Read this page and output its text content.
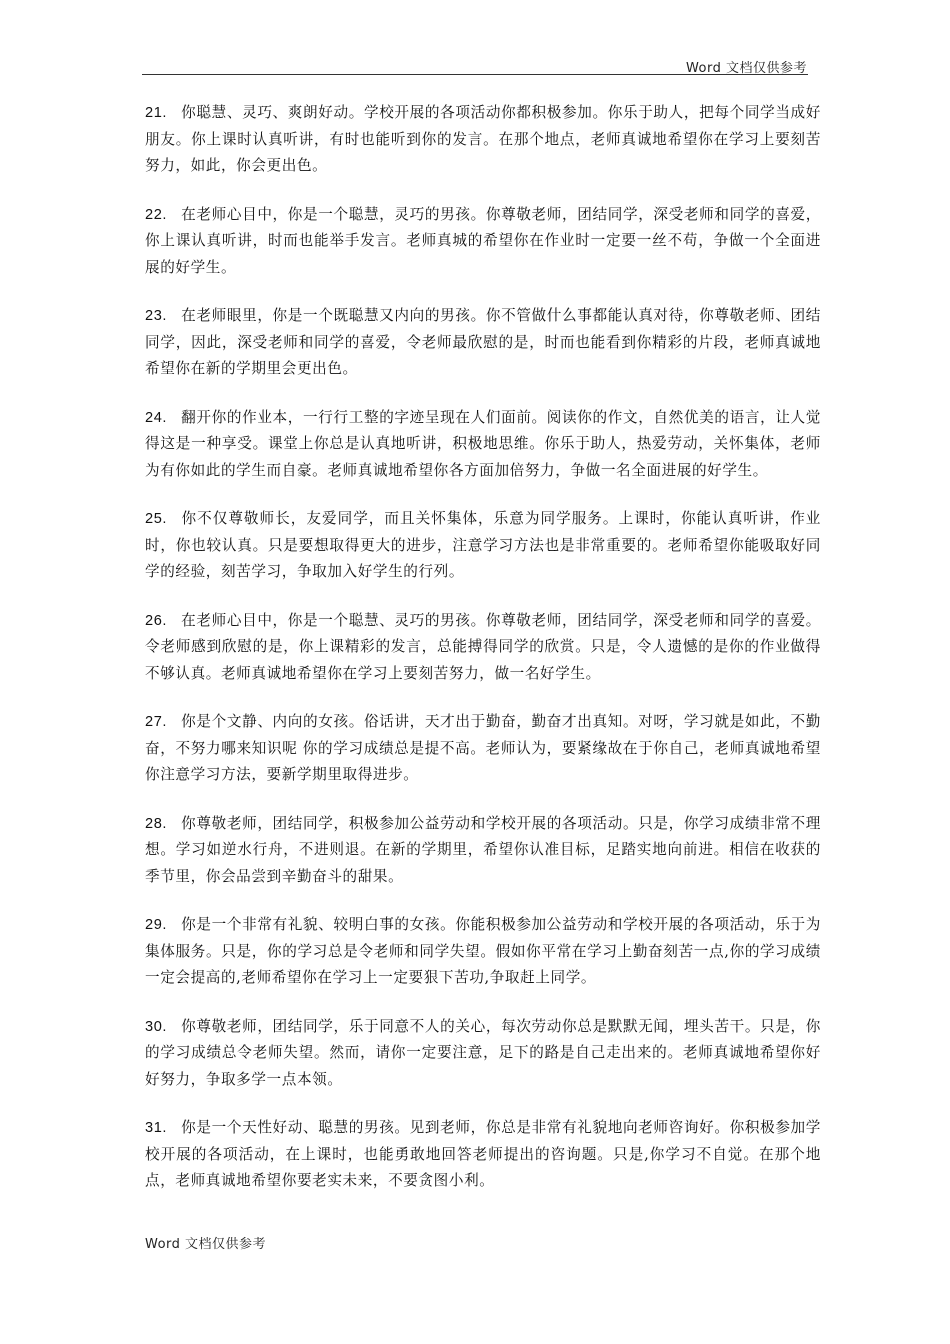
Word 文档仅供参考

21. 你聪慧、灵巧、爽朗好动。学校开展的各项活动你都积极参加。你乐于助人，把每个同学当成好朋友。你上课时认真听讲，有时也能听到你的发言。在那个地点，老师真诚地希望你在学习上要刻苦努力，如此，你会更出色。

22. 在老师心目中，你是一个聪慧，灵巧的男孩。你尊敬老师，团结同学，深受老师和同学的喜爱，你上课认真听讲，时而也能举手发言。老师真城的希望你在作业时一定要一丝不苟，争做一个全面进展的好学生。

23. 在老师眼里，你是一个既聪慧又内向的男孩。你不管做什么事都能认真对待，你尊敬老师、团结同学，因此，深受老师和同学的喜爱，令老师最欣慰的是，时而也能看到你精彩的片段，老师真诚地希望你在新的学期里会更出色。

24. 翻开你的作业本，一行行工整的字迹呈现在人们面前。阅读你的作文，自然优美的语言，让人觉得这是一种享受。课堂上你总是认真地听讲，积极地思维。你乐于助人，热爱劳动，关怀集体，老师为有你如此的学生而自豪。老师真诚地希望你各方面加倍努力，争做一名全面进展的好学生。

25. 你不仅尊敬师长，友爱同学，而且关怀集体，乐意为同学服务。上课时，你能认真听讲，作业时，你也较认真。只是要想取得更大的进步，注意学习方法也是非常重要的。老师希望你能吸取好同学的经验，刻苦学习，争取加入好学生的行列。

26. 在老师心目中，你是一个聪慧、灵巧的男孩。你尊敬老师，团结同学，深受老师和同学的喜爱。令老师感到欣慰的是，你上课精彩的发言，总能搏得同学的欣赏。只是，令人遗憾的是你的作业做得不够认真。老师真诚地希望你在学习上要刻苦努力，做一名好学生。

27. 你是个文静、内向的女孩。俗话讲，天才出于勤奋，勤奋才出真知。对呀，学习就是如此，不勤奋，不努力哪来知识呢 你的学习成绩总是提不高。老师认为，要紧缘故在于你自己，老师真诚地希望你注意学习方法，要新学期里取得进步。

28. 你尊敬老师，团结同学，积极参加公益劳动和学校开展的各项活动。只是，你学习成绩非常不理想。学习如逆水行舟，不进则退。在新的学期里，希望你认准目标，足踏实地向前进。相信在收获的季节里，你会品尝到辛勤奋斗的甜果。

29. 你是一个非常有礼貌、较明白事的女孩。你能积极参加公益劳动和学校开展的各项活动，乐于为集体服务。只是，你的学习总是令老师和同学失望。假如你平常在学习上勤奋刻苦一点,你的学习成绩一定会提高的,老师希望你在学习上一定要狠下苦功,争取赶上同学。

30. 你尊敬老师，团结同学，乐于同意不人的关心，每次劳动你总是默默无闻，埋头苦干。只是，你的学习成绩总令老师失望。然而，请你一定要注意，足下的路是自己走出来的。老师真诚地希望你好好努力，争取多学一点本领。

31. 你是一个天性好动、聪慧的男孩。见到老师，你总是非常有礼貌地向老师咨询好。你积极参加学校开展的各项活动，在上课时，也能勇敢地回答老师提出的咨询题。只是,你学习不自觉。在那个地点，老师真诚地希望你要老实未来，不要贪图小利。

Word 文档仅供参考
